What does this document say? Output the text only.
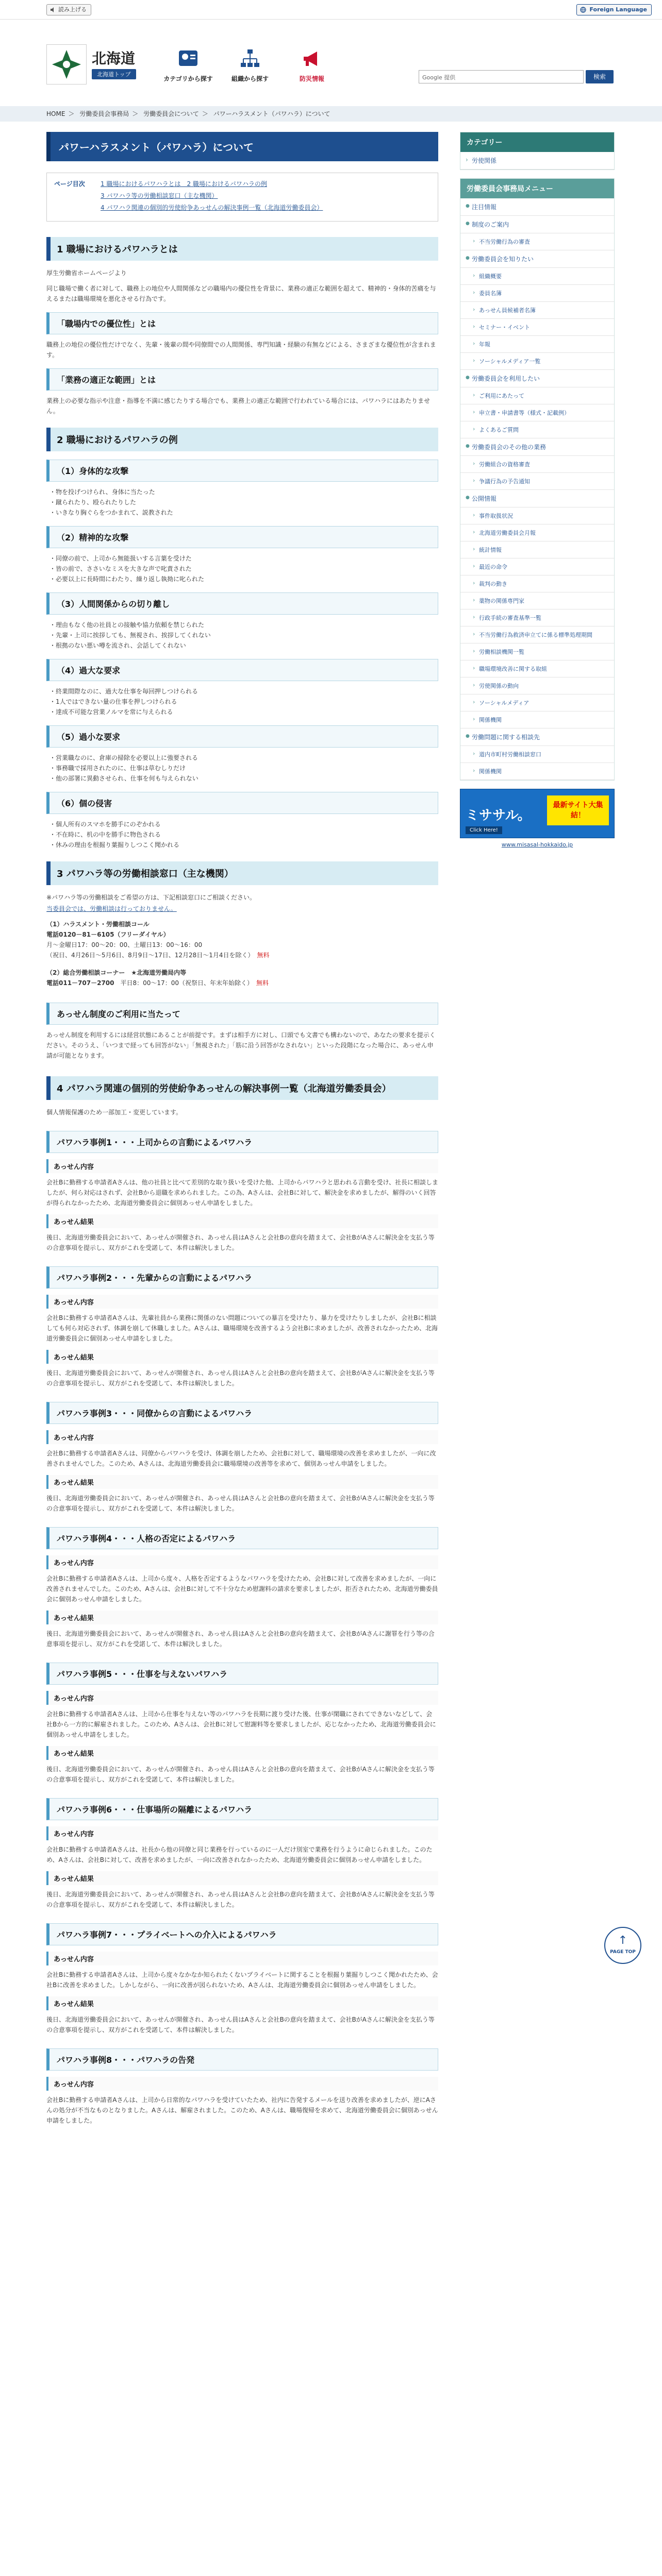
読み上げる	Foreign Language
北海道
北海道トップ
カテゴリから探す	組織から探す	防災情報	Google 提供	検索
HOME ＞ 労働委員会事務局 ＞ 労働委員会について ＞ パワーハラスメント（パワハラ）について
パワーハラスメント（パワハラ）について
ページ目次	1 職場におけるパワハラとは　2 職場におけるパワハラの例
3 パワハラ等の労働相談窓口（主な機関）
4 パワハラ関連の個別的労使紛争あっせんの解決事例一覧（北海道労働委員会）
1 職場におけるパワハラとは

厚生労働省ホームページより

同じ職場で働く者に対して、職務上の地位や人間関係などの職場内の優位性を背景に、業務の適正な範囲を超えて、精神的・身体的苦痛を与えるまたは職場環境を悪化させる行為です。

「職場内での優位性」とは

職務上の地位の優位性だけでなく、先輩・後輩の間や同僚間での人間関係、専門知識・経験の有無などによる、さまざまな優位性が含まれます。

「業務の適正な範囲」とは

業務上の必要な指示や注意・指導を不満に感じたりする場合でも、業務上の適正な範囲で行われている場合には、パワハラにはあたりません。

2 職場におけるパワハラの例
（1）身体的な攻撃
・ 物を投げつけられ、身体に当たった
・ 蹴られたり、殴られたりした
・ いきなり胸ぐらをつかまれて、説教された
（2）精神的な攻撃
・ 同僚の前で、上司から無能扱いする言葉を受けた
・ 皆の前で、ささいなミスを大きな声で叱責された
・ 必要以上に長時間にわたり、繰り返し執拗に叱られた
（3）人間関係からの切り離し
・ 理由もなく他の社員との接触や協力依頼を禁じられた
・ 先輩・上司に挨拶しても、無視され、挨拶してくれない
・ 根拠のない悪い噂を流され、会話してくれない
（4）過大な要求
・ 終業間際なのに、過大な仕事を毎回押しつけられる
・ 1人ではできない量の仕事を押しつけられる
・ 達成不可能な営業ノルマを常に与えられる
（5）過小な要求
・ 営業職なのに、倉庫の掃除を必要以上に強要される
・ 事務職で採用されたのに、仕事は草むしりだけ
・ 他の部署に異動させられ、仕事を何も与えられない
（6）個の侵害
・ 個人所有のスマホを勝手にのぞかれる
・ 不在時に、机の中を勝手に物色される
・ 休みの理由を根掘り葉掘りしつこく聞かれる
3 パワハラ等の労働相談窓口（主な機関）

※パワハラ等の労働相談をご希望の方は、下記相談窓口にご相談ください。

当委員会では、労働相談は行っておりません。

（1）ハラスメント・労働相談コール
電話0120－81－6105（フリーダイヤル）
月～金曜日17：00～20：00、土曜日13：00～16：00
（祝日、4月26日～5月6日、8月9日～17日、12月28日～1月4日を除く）　 無料
（2）総合労働相談コーナー　★北海道労働局内等
電話011－707－2700　 平日8：00～17：00（祝祭日、年末年始除く）　 無料
あっせん制度のご利用に当たって

あっせん制度を利用するには経営状態にあることが前提です。まずは相手方に対し、口頭でも文書でも構わないので、あなたの要求を提示ください。そのうえ、「いつまで経っても回答がない」「無視された」「筋に沿う回答がなされない」といった段階になった場合に、あっせん申請が可能となります。

4 パワハラ関連の個別的労使紛争あっせんの解決事例一覧（北海道労働委員会）

個人情報保護のため一部加工・変更しています。

パワハラ事例1・・・上司からの言動によるパワハラ
あっせん内容

会社Bに勤務する申請者Aさんは、他の社員と比べて差別的な取り扱いを受けた他、上司からパワハラと思われる言動を受け、社長に相談しましたが、何ら対応はされず、会社Bから退職を求められました。この為、Aさんは、会社Bに対して、解決金を求めましたが、解得のいく回答が得られなかったため、北海道労働委員会に個別あっせん申請をしました。

あっせん結果

後日、北海道労働委員会において、あっせんが開催され、あっせん員はAさんと会社Bの意向を踏まえて、会社BがAさんに解決金を支払う等の合意事項を提示し、双方がこれを受諾して、本件は解決しました。

パワハラ事例2・・・先輩からの言動によるパワハラ
あっせん内容

会社Bに勤務する申請者Aさんは、先輩社員から業務に関係のない問題についての暴言を受けたり、暴力を受けたりしましたが、会社Bに相談しても何ら対応されず、体調を崩して休職しました。Aさんは、職場環境を改善するよう会社Bに求めましたが、改善されなかったため、北海道労働委員会に個別あっせん申請をしました。

あっせん結果

後日、北海道労働委員会において、あっせんが開催され、あっせん員はAさんと会社Bの意向を踏まえて、会社BがAさんに解決金を支払う等の合意事項を提示し、双方がこれを受諾して、本件は解決しました。

パワハラ事例3・・・同僚からの言動によるパワハラ
あっせん内容

会社Bに勤務する申請者Aさんは、同僚からパワハラを受け、体調を崩したため、会社Bに対して、職場環境の改善を求めましたが、一向に改善されませんでした。このため、Aさんは、北海道労働委員会に職場環境の改善等を求めて、個別あっせん申請をしました。

あっせん結果

後日、北海道労働委員会において、あっせんが開催され、あっせん員はAさんと会社Bの意向を踏まえて、会社BがAさんに解決金を支払う等の合意事項を提示し、双方がこれを受諾して、本件は解決しました。

パワハラ事例4・・・人格の否定によるパワハラ
あっせん内容

会社Bに勤務する申請者Aさんは、上司から度々、人格を否定するようなパワハラを受けたため、会社Bに対して改善を求めましたが、一向に改善されませんでした。このため、Aさんは、会社Bに対して不十分なため慰謝料の請求を要求しましたが、拒否されたため、北海道労働委員会に個別あっせん申請をしました。

あっせん結果

後日、北海道労働委員会において、あっせんが開催され、あっせん員はAさんと会社Bの意向を踏まえて、会社BがAさんに謝罪を行う等の合意事項を提示し、双方がこれを受諾して、本件は解決しました。

パワハラ事例5・・・仕事を与えないパワハラ
あっせん内容

会社Bに勤務する申請者Aさんは、上司から仕事を与えない等のパワハラを長期に渡り受けた後、仕事が閑職にされてできないなどして、会社Bから一方的に解雇されました。このため、Aさんは、会社Bに対して慰謝料等を要求しましたが、応じなかったため、北海道労働委員会に個別あっせん申請をしました。

あっせん結果

後日、北海道労働委員会において、あっせんが開催され、あっせん員はAさんと会社Bの意向を踏まえて、会社BがAさんに解決金を支払う等の合意事項を提示し、双方がこれを受諾して、本件は解決しました。

パワハラ事例6・・・仕事場所の隔離によるパワハラ
あっせん内容

会社Bに勤務する申請者Aさんは、社長から他の同僚と同じ業務を行っているのに一人だけ別室で業務を行うように命じられました。このため、Aさんは、会社Bに対して、改善を求めましたが、一向に改善されなかったため、北海道労働委員会に個別あっせん申請をしました。

あっせん結果

後日、北海道労働委員会において、あっせんが開催され、あっせん員はAさんと会社Bの意向を踏まえて、会社BがAさんに解決金を支払う等の合意事項を提示し、双方がこれを受諾して、本件は解決しました。

パワハラ事例7・・・プライベートへの介入によるパワハラ
あっせん内容

会社Bに勤務する申請者Aさんは、上司から度々なかなか知られたくないプライベートに関することを根掘り葉掘りしつこく聞かれたため、会社Bに改善を求めました。しかしながら、一向に改善が図られないため、Aさんは、北海道労働委員会に個別あっせん申請をしました。

あっせん結果

後日、北海道労働委員会において、あっせんが開催され、あっせん員はAさんと会社Bの意向を踏まえて、会社BがAさんに解決金を支払う等の合意事項を提示し、双方がこれを受諾して、本件は解決しました。

パワハラ事例8・・・パワハラの告発
あっせん内容

会社Bに勤務する申請者Aさんは、上司から日常的なパワハラを受けていたため、社内に告発するメールを送り改善を求めましたが、逆にAさんの処分が不当なものとなりました。Aさんは、解雇されました。このため、Aさんは、職場復帰を求めて、北海道労働委員会に個別あっせん申請をしました。

カテゴリー
› 労使関係
労働委員会事務局メニュー
● 注目情報
● 制度のご案内
› 不当労働行為の審査
● 労働委員会を知りたい
› 組織概要
› 委員名簿
› あっせん員候補者名簿
› セミナー・イベント
› 年報
› ソーシャルメディア一覧
● 労働委員会を利用したい
› ご利用にあたって
› 申立書・申請書等（様式・記載例）
› よくあるご質問
● 労働委員会のその他の業務
› 労働組合の資格審査
› 争議行為の予告通知
● 公開情報
› 事件取扱状況
› 北海道労働委員会月報
› 統計情報
› 最近の命令
› 裁判の動き
› 薬物の関係専門家
› 行政手続の審査基準一覧
› 不当労働行為救済申立てに係る標準処理期間
› 労働相談機関一覧
› 職場環境改善に関する取組
› 労使関係の動向
› ソーシャルメディア
› 関係機関
● 労働問題に関する相談先
› 道内市町村労働相談窓口
› 関係機関
ミササル。
最新サイト大集結！
Click Here!
www.misasal-hokkaido.jp
↑
PAGE TOP
